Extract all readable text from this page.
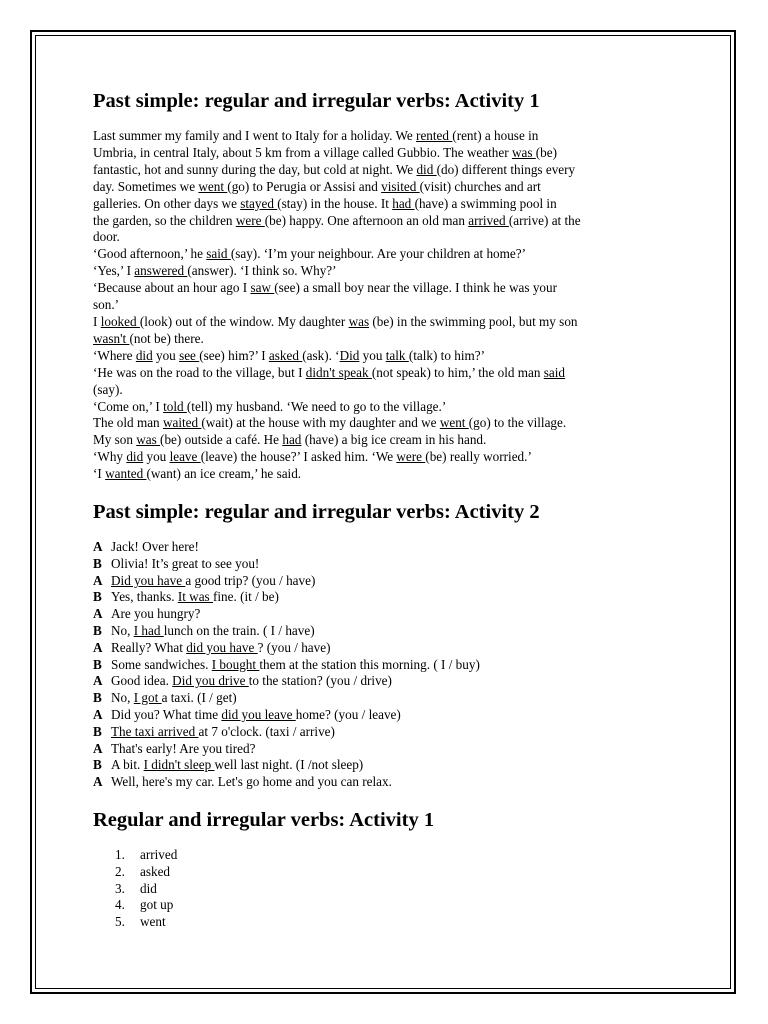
Past simple: regular and irregular verbs: Activity 1
Last summer my family and I went to Italy for a holiday. We rented (rent) a house in
Umbria, in central Italy, about 5 km from a village called Gubbio. The weather was (be)
fantastic, hot and sunny during the day, but cold at night. We did (do) different things every
day. Sometimes we went (go) to Perugia or Assisi and visited (visit) churches and art
galleries. On other days we stayed (stay) in the house. It had (have) a swimming pool in
the garden, so the children were (be) happy. One afternoon an old man arrived (arrive) at the
door.
‘Good afternoon,’ he said (say). ‘I’m your neighbour. Are your children at home?’
‘Yes,’ I answered (answer). ‘I think so. Why?’
‘Because about an hour ago I saw (see) a small boy near the village. I think he was your
son.’
I looked (look) out of the window. My daughter was (be) in the swimming pool, but my son
wasn't (not be) there.
‘Where did you see (see) him?’ I asked (ask). ‘Did you talk (talk) to him?’
‘He was on the road to the village, but I didn't speak (not speak) to him,’ the old man said
(say).
‘Come on,’ I told (tell) my husband. ‘We need to go to the village.’
The old man waited (wait) at the house with my daughter and we went (go) to the village.
My son was (be) outside a café. He had (have) a big ice cream in his hand.
‘Why did you leave (leave) the house?’ I asked him. ‘We were (be) really worried.’
‘I wanted (want) an ice cream,’ he said.
Past simple: regular and irregular verbs: Activity 2
A Jack! Over here!
B Olivia! It’s great to see you!
A Did you have a good trip? (you / have)
B Yes, thanks. It was fine. (it / be)
A Are you hungry?
B No, I had lunch on the train. ( I / have)
A Really? What did you have ? (you / have)
B Some sandwiches. I bought them at the station this morning. ( I / buy)
A Good idea. Did you drive to the station? (you / drive)
B No, I got a taxi. (I / get)
A Did you? What time did you leave home? (you / leave)
B The taxi arrived at 7 o'clock. (taxi / arrive)
A That's early! Are you tired?
B A bit. I didn't sleep well last night. (I /not sleep)
A Well, here's my car. Let's go home and you can relax.
Regular and irregular verbs: Activity 1
1. arrived
2. asked
3. did
4. got up
5. went
